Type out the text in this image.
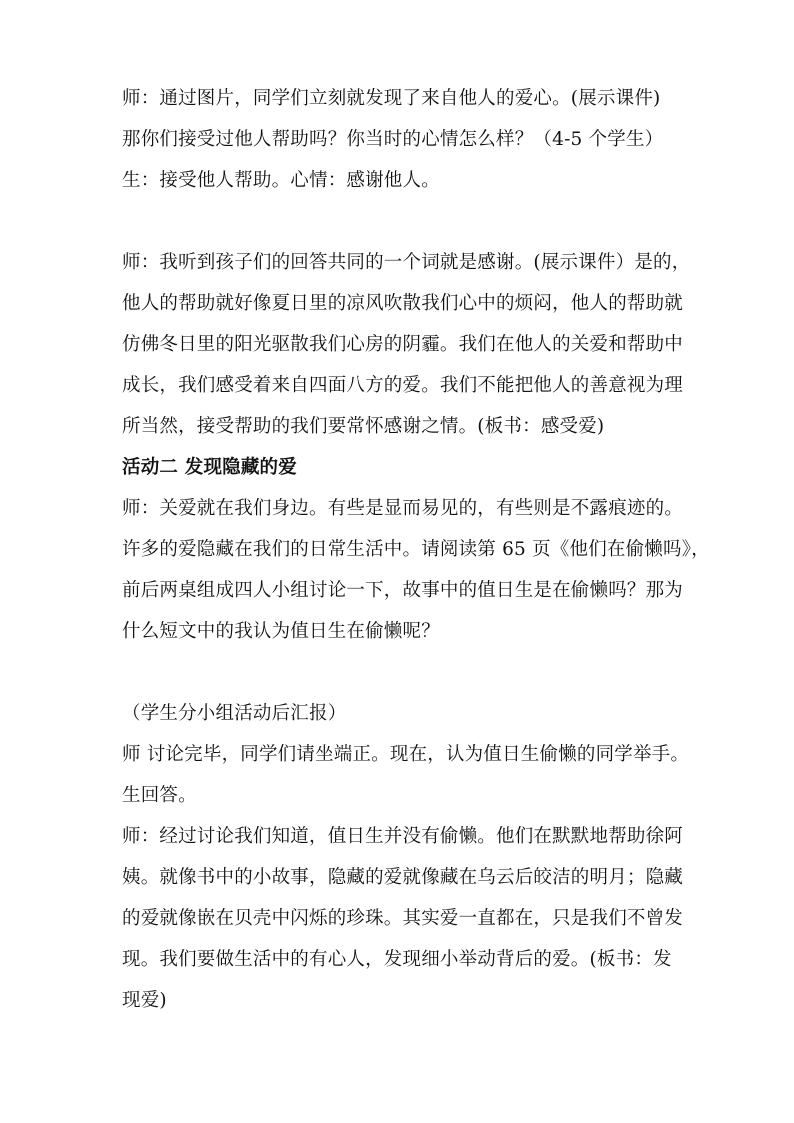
师：通过图片，同学们立刻就发现了来自他人的爱心。(展示课件)
那你们接受过他人帮助吗？你当时的心情怎么样？（4-5 个学生）
生：接受他人帮助。心情：感谢他人。
师：我听到孩子们的回答共同的一个词就是感谢。(展示课件）是的，
他人的帮助就好像夏日里的凉风吹散我们心中的烦闷，他人的帮助就
仿佛冬日里的阳光驱散我们心房的阴霾。我们在他人的关爱和帮助中
成长，我们感受着来自四面八方的爱。我们不能把他人的善意视为理
所当然，接受帮助的我们要常怀感谢之情。(板书：感受爱)
活动二 发现隐藏的爱
师：关爱就在我们身边。有些是显而易见的，有些则是不露痕迹的。
许多的爱隐藏在我们的日常生活中。请阅读第 65 页《他们在偷懒吗》，
前后两桌组成四人小组讨论一下，故事中的值日生是在偷懒吗？那为
什么短文中的我认为值日生在偷懒呢？
（学生分小组活动后汇报）
师 讨论完毕，同学们请坐端正。现在，认为值日生偷懒的同学举手。
生回答。
师：经过讨论我们知道，值日生并没有偷懒。他们在默默地帮助徐阿
姨。就像书中的小故事，隐藏的爱就像藏在乌云后皎洁的明月；隐藏
的爱就像嵌在贝壳中闪烁的珍珠。其实爱一直都在，只是我们不曾发
现。我们要做生活中的有心人，发现细小举动背后的爱。(板书：发
现爱)
